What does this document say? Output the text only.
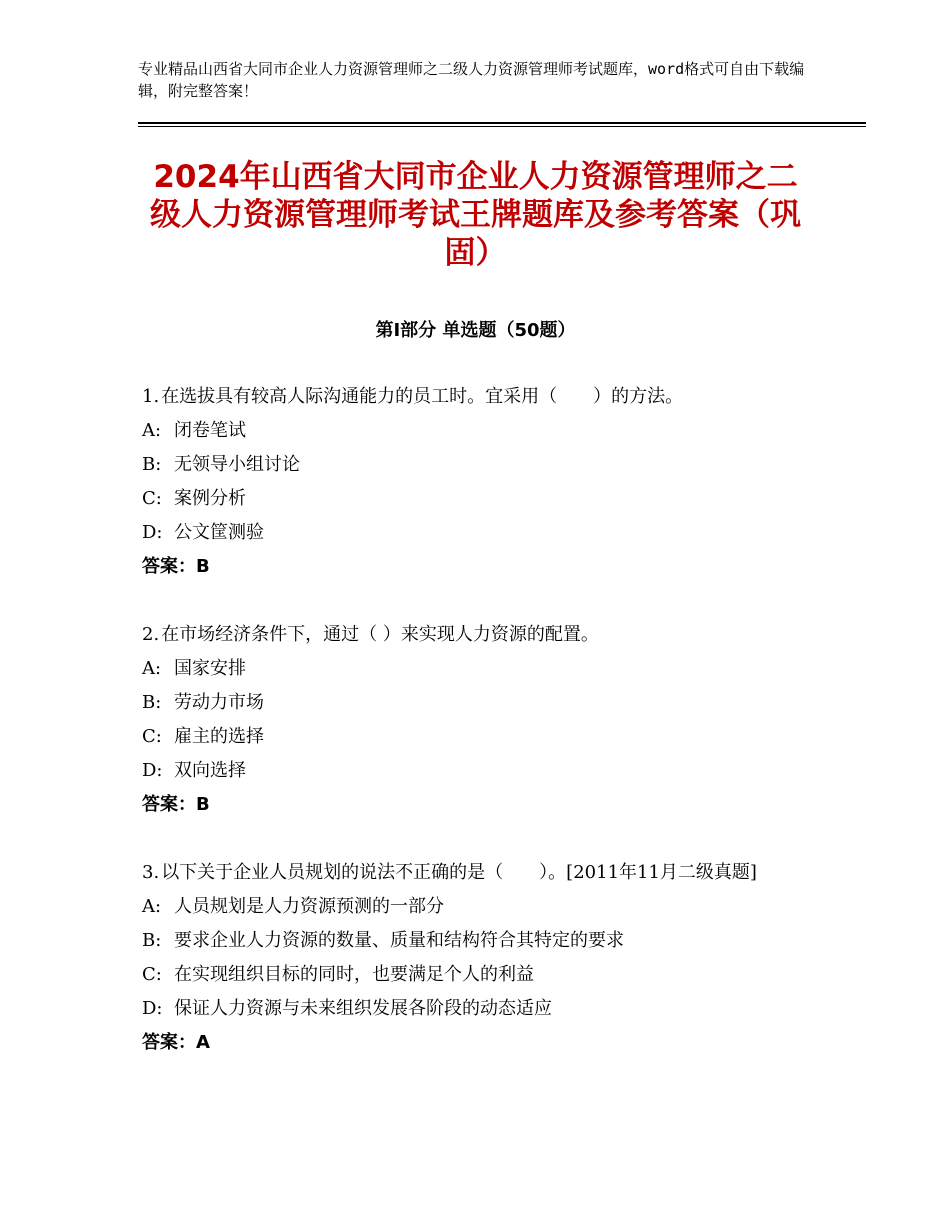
专业精品山西省大同市企业人力资源管理师之二级人力资源管理师考试题库，word格式可自由下载编辑，附完整答案！
2024年山西省大同市企业人力资源管理师之二级人力资源管理师考试王牌题库及参考答案（巩固）
第Ⅰ部分 单选题（50题）
1. 在选拔具有较高人际沟通能力的员工时。宜采用（　　）的方法。
A: 闭卷笔试
B: 无领导小组讨论
C: 案例分析
D: 公文筐测验
答案：B
2. 在市场经济条件下，通过（ ）来实现人力资源的配置。
A: 国家安排
B: 劳动力市场
C: 雇主的选择
D: 双向选择
答案：B
3. 以下关于企业人员规划的说法不正确的是（　　）。[2011年11月二级真题]
A: 人员规划是人力资源预测的一部分
B: 要求企业人力资源的数量、质量和结构符合其特定的要求
C: 在实现组织目标的同时，也要满足个人的利益
D: 保证人力资源与未来组织发展各阶段的动态适应
答案：A
